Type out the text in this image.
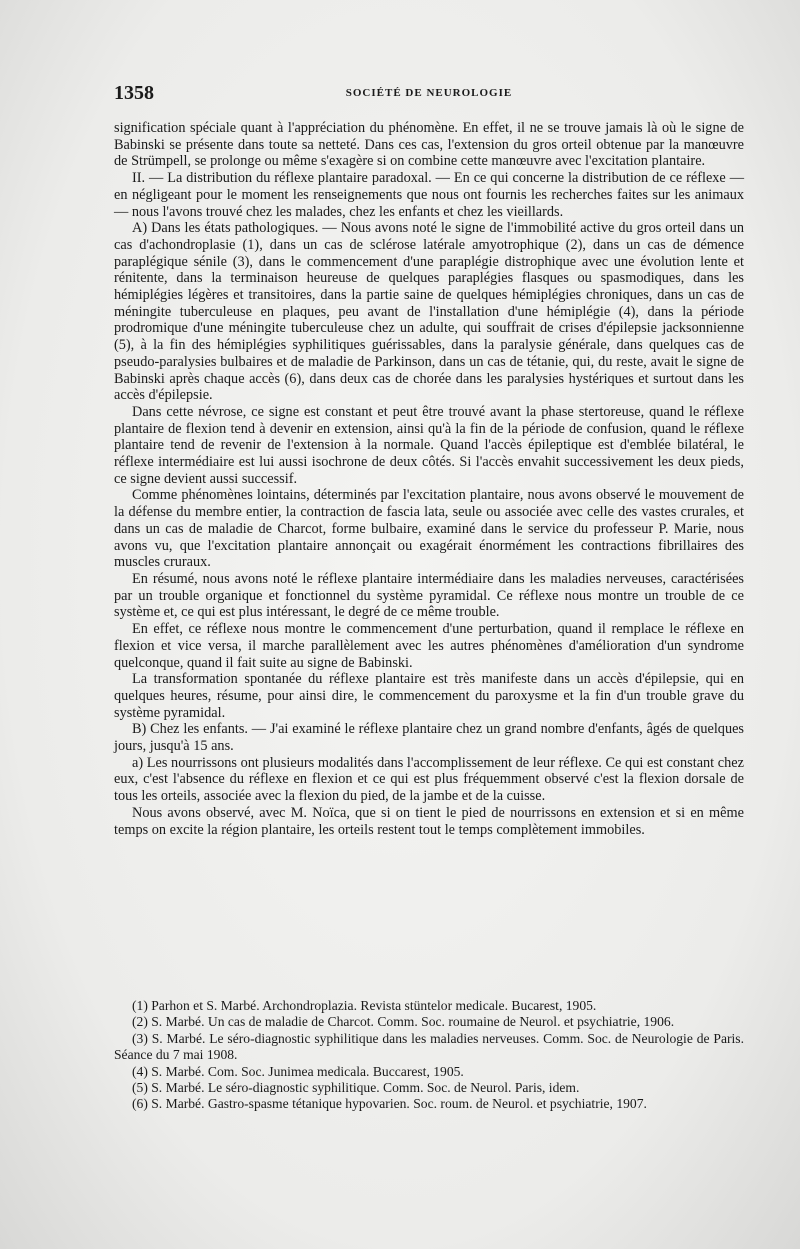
1358	SOCIÉTÉ DE NEUROLOGIE

signification spéciale quant à l'appréciation du phénomène. En effet, il ne se trouve jamais là où le signe de Babinski se présente dans toute sa netteté. Dans ces cas, l'extension du gros orteil obtenue par la manœuvre de Strümpell, se prolonge ou même s'exagère si on combine cette manœuvre avec l'excitation plantaire.

II. — La distribution du réflexe plantaire paradoxal. — En ce qui concerne la distribution de ce réflexe — en négligeant pour le moment les renseignements que nous ont fournis les recherches faites sur les animaux — nous l'avons trouvé chez les malades, chez les enfants et chez les vieillards.

A) Dans les états pathologiques. — Nous avons noté le signe de l'immobilité active du gros orteil dans un cas d'achondroplasie (1), dans un cas de sclérose latérale amyotrophique (2), dans un cas de démence paraplégique sénile (3), dans le commencement d'une paraplégie distrophique avec une évolution lente et rénitente, dans la terminaison heureuse de quelques paraplégies flasques ou spasmodiques, dans les hémiplégies légères et transitoires, dans la partie saine de quelques hémiplégies chroniques, dans un cas de méningite tuberculeuse en plaques, peu avant de l'installation d'une hémiplégie (4), dans la période prodromique d'une méningite tuberculeuse chez un adulte, qui souffrait de crises d'épilepsie jacksonnienne (5), à la fin des hémiplégies syphilitiques guérissables, dans la paralysie générale, dans quelques cas de pseudo-paralysies bulbaires et de maladie de Parkinson, dans un cas de tétanie, qui, du reste, avait le signe de Babinski après chaque accès (6), dans deux cas de chorée dans les paralysies hystériques et surtout dans les accès d'épilepsie.

Dans cette névrose, ce signe est constant et peut être trouvé avant la phase stertoreuse, quand le réflexe plantaire de flexion tend à devenir en extension, ainsi qu'à la fin de la période de confusion, quand le réflexe plantaire tend de revenir de l'extension à la normale. Quand l'accès épileptique est d'emblée bilatéral, le réflexe intermédiaire est lui aussi isochrone de deux côtés. Si l'accès envahit successivement les deux pieds, ce signe devient aussi successif.

Comme phénomènes lointains, déterminés par l'excitation plantaire, nous avons observé le mouvement de la défense du membre entier, la contraction de fascia lata, seule ou associée avec celle des vastes crurales, et dans un cas de maladie de Charcot, forme bulbaire, examiné dans le service du professeur P. Marie, nous avons vu, que l'excitation plantaire annonçait ou exagérait énormément les contractions fibrillaires des muscles cruraux.

En résumé, nous avons noté le réflexe plantaire intermédiaire dans les maladies nerveuses, caractérisées par un trouble organique et fonctionnel du système pyramidal. Ce réflexe nous montre un trouble de ce système et, ce qui est plus intéressant, le degré de ce même trouble.

En effet, ce réflexe nous montre le commencement d'une perturbation, quand il remplace le réflexe en flexion et vice versa, il marche parallèlement avec les autres phénomènes d'amélioration d'un syndrome quelconque, quand il fait suite au signe de Babinski.

La transformation spontanée du réflexe plantaire est très manifeste dans un accès d'épilepsie, qui en quelques heures, résume, pour ainsi dire, le commencement du paroxysme et la fin d'un trouble grave du système pyramidal.

B) Chez les enfants. — J'ai examiné le réflexe plantaire chez un grand nombre d'enfants, âgés de quelques jours, jusqu'à 15 ans.

a) Les nourrissons ont plusieurs modalités dans l'accomplissement de leur réflexe. Ce qui est constant chez eux, c'est l'absence du réflexe en flexion et ce qui est plus fréquemment observé c'est la flexion dorsale de tous les orteils, associée avec la flexion du pied, de la jambe et de la cuisse.

Nous avons observé, avec M. Noïca, que si on tient le pied de nourrissons en extension et si en même temps on excite la région plantaire, les orteils restent tout le temps complètement immobiles.

(1) Parhon et S. Marbé. Archondroplazia. Revista stüntelor medicale. Bucarest, 1905.

(2) S. Marbé. Un cas de maladie de Charcot. Comm. Soc. roumaine de Neurol. et psychiatrie, 1906.

(3) S. Marbé. Le séro-diagnostic syphilitique dans les maladies nerveuses. Comm. Soc. de Neurologie de Paris. Séance du 7 mai 1908.

(4) S. Marbé. Com. Soc. Junimea medicala. Buccarest, 1905.

(5) S. Marbé. Le séro-diagnostic syphilitique. Comm. Soc. de Neurol. Paris, idem.

(6) S. Marbé. Gastro-spasme tétanique hypovarien. Soc. roum. de Neurol. et psychiatrie, 1907.
